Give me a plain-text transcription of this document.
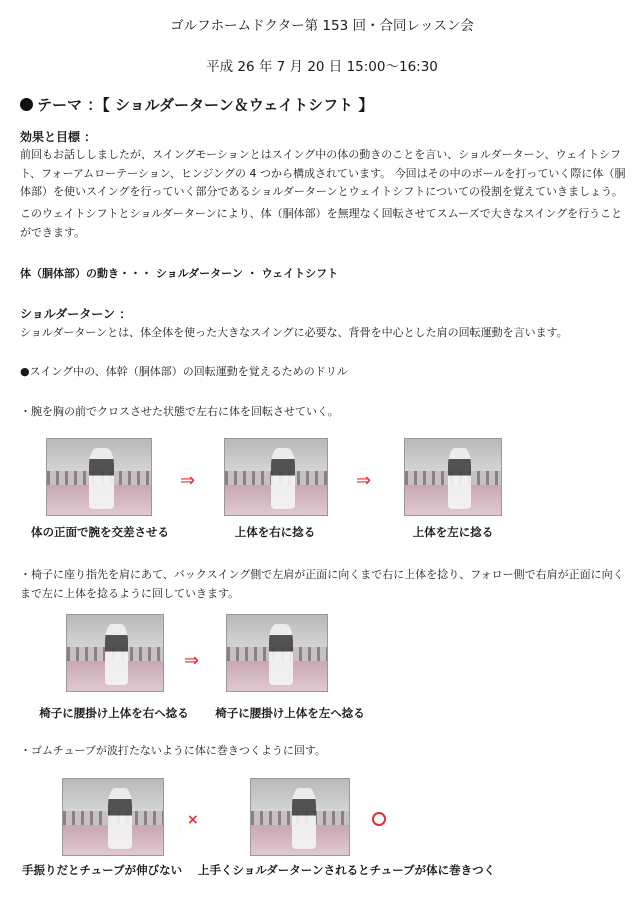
ゴルフホームドクター第 153 回・合同レッスン会
平成 26 年 7 月 20 日 15:00〜16:30
テーマ ：【 ショルダーターン＆ウェイトシフト 】
効果と目標 ：
前回もお話ししましたが、スイングモーションとはスイング中の体の動きのことを言い、ショルダーターン、ウェイトシフト、フォーアムローテーション、ヒンジングの 4 つから構成されています。 今回はその中のボールを打っていく際に体（胴体部）を使いスイングを行っていく部分であるショルダーターンとウェイトシフトについての役割を覚えていきましょう。
このウェイトシフトとショルダーターンにより、体（胴体部）を無理なく回転させてスムーズで大きなスイングを行うことができます。
体（胴体部）の動き・・・ ショルダーターン ・ ウェイトシフト
ショルダーターン ：
ショルダーターンとは、体全体を使った大きなスイングに必要な、背骨を中心とした肩の回転運動を言います。
●スイング中の、体幹（胴体部）の回転運動を覚えるためのドリル
・腕を胸の前でクロスさせた状態で左右に体を回転させていく。
⇒	⇒
体の正面で腕を交差させる	上体を右に捻る	上体を左に捻る
・椅子に座り指先を肩にあて、バックスイング側で左肩が正面に向くまで右に上体を捻り、フォロー側で右肩が正面に向くまで左に上体を捻るように回していきます。
⇒
椅子に腰掛け上体を右へ捻る	椅子に腰掛け上体を左へ捻る
・ゴムチューブが波打たないように体に巻きつくように回す。
×
手振りだとチューブが伸びない	上手くショルダーターンされるとチューブが体に巻きつく
